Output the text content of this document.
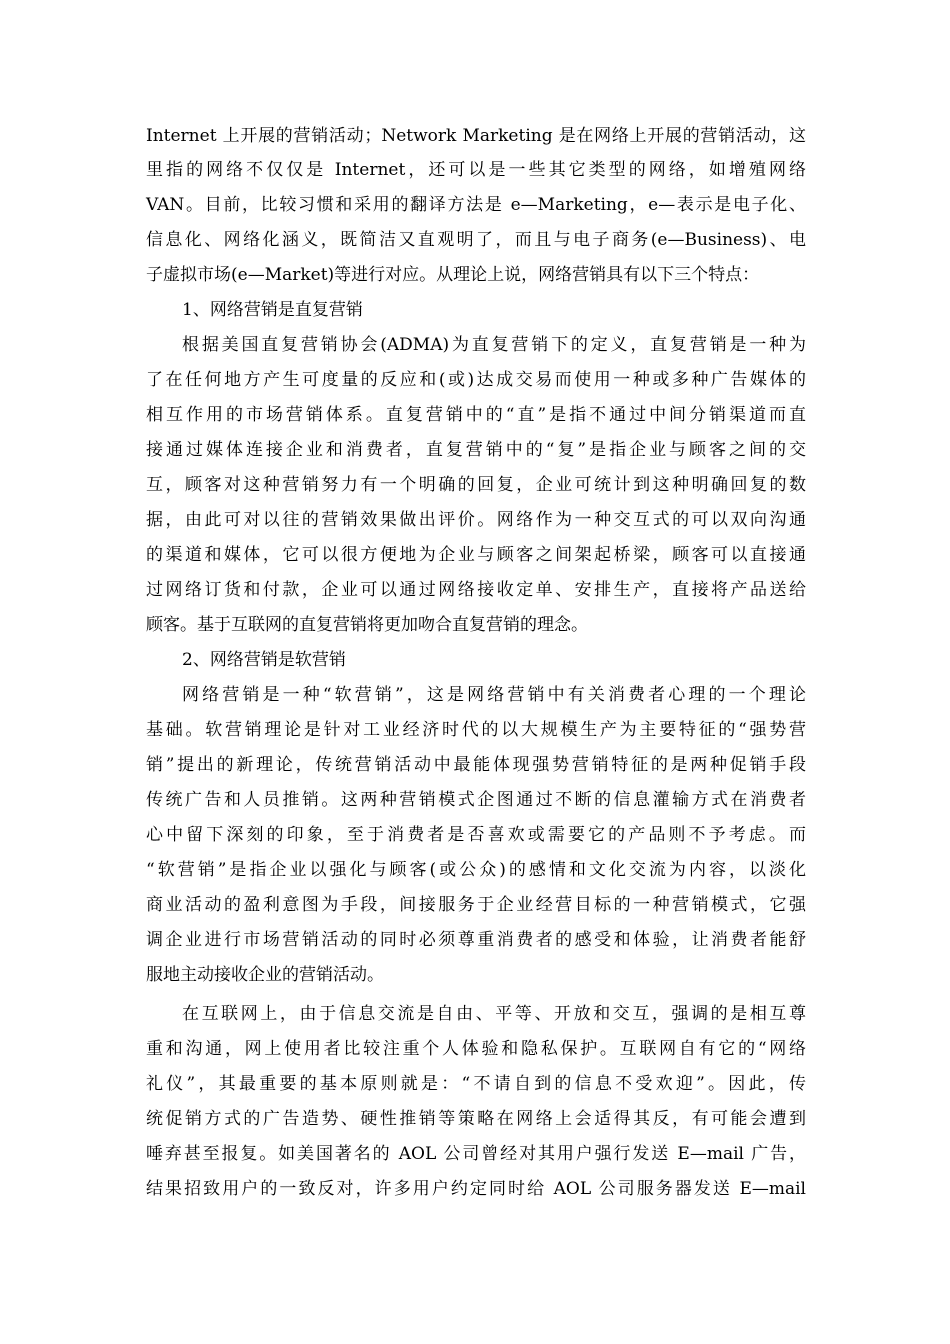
Internet 上开展的营销活动；Network Marketing 是在网络上开展的营销活动，这
里指的网络不仅仅是 Internet，还可以是一些其它类型的网络，如增殖网络
VAN。目前，比较习惯和采用的翻译方法是 e—Marketing，e—表示是电子化、
信息化、网络化涵义，既简洁又直观明了，而且与电子商务(e—Business)、电
子虚拟市场(e—Market)等进行对应。从理论上说，网络营销具有以下三个特点：
1、网络营销是直复营销
根据美国直复营销协会(ADMA)为直复营销下的定义，直复营销是一种为
了在任何地方产生可度量的反应和(或)达成交易而使用一种或多种广告媒体的
相互作用的市场营销体系。直复营销中的“直”是指不通过中间分销渠道而直
接通过媒体连接企业和消费者，直复营销中的“复”是指企业与顾客之间的交
互，顾客对这种营销努力有一个明确的回复，企业可统计到这种明确回复的数
据，由此可对以往的营销效果做出评价。网络作为一种交互式的可以双向沟通
的渠道和媒体，它可以很方便地为企业与顾客之间架起桥梁，顾客可以直接通
过网络订货和付款，企业可以通过网络接收定单、安排生产，直接将产品送给
顾客。基于互联网的直复营销将更加吻合直复营销的理念。
2、网络营销是软营销
网络营销是一种“软营销”，这是网络营销中有关消费者心理的一个理论
基础。软营销理论是针对工业经济时代的以大规模生产为主要特征的“强势营
销”提出的新理论，传统营销活动中最能体现强势营销特征的是两种促销手段
传统广告和人员推销。这两种营销模式企图通过不断的信息灌输方式在消费者
心中留下深刻的印象，至于消费者是否喜欢或需要它的产品则不予考虑。而
“软营销”是指企业以强化与顾客(或公众)的感情和文化交流为内容，以淡化
商业活动的盈利意图为手段，间接服务于企业经营目标的一种营销模式，它强
调企业进行市场营销活动的同时必须尊重消费者的感受和体验，让消费者能舒
服地主动接收企业的营销活动。
在互联网上，由于信息交流是自由、平等、开放和交互，强调的是相互尊
重和沟通，网上使用者比较注重个人体验和隐私保护。互联网自有它的“网络
礼仪”，其最重要的基本原则就是：“不请自到的信息不受欢迎”。因此，传
统促销方式的广告造势、硬性推销等策略在网络上会适得其反，有可能会遭到
唾弃甚至报复。如美国著名的 AOL 公司曾经对其用户强行发送 E—mail 广告，
结果招致用户的一致反对，许多用户约定同时给 AOL 公司服务器发送 E—mail
